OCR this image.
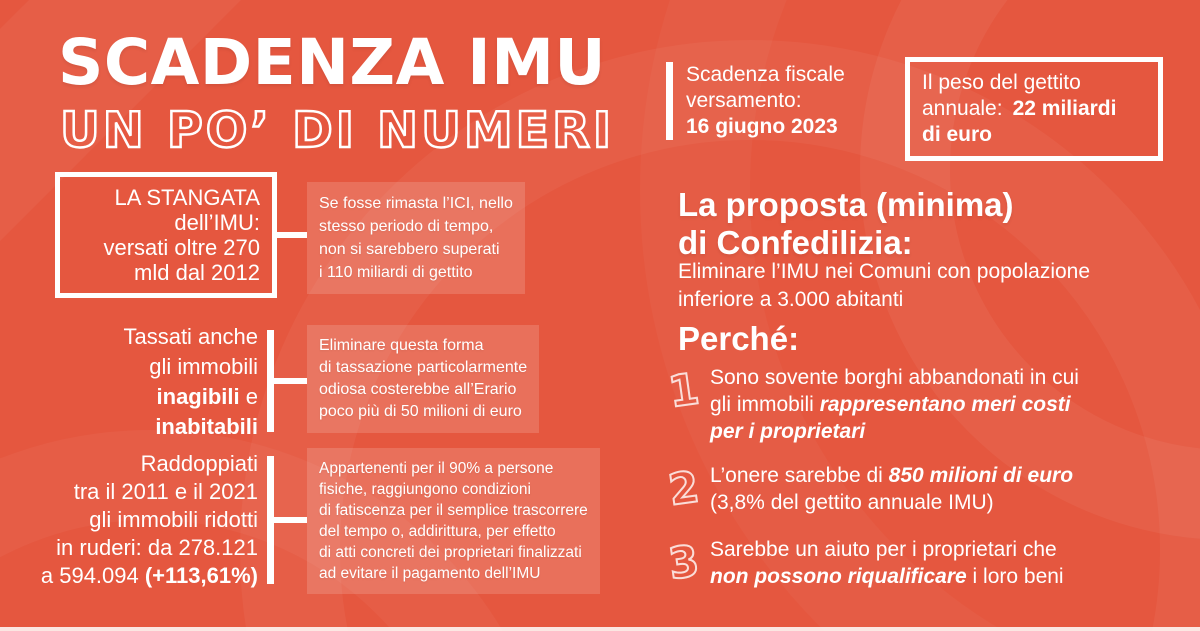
SCADENZA IMU
UN PO’ DI NUMERI
Scadenza fiscale
versamento:
16 giugno 2023
Il peso del gettito
annuale: 22 miliardi
di euro
LA STANGATA
dell’IMU:
versati oltre 270
mld dal 2012
Se fosse rimasta l’ICI, nello
stesso periodo di tempo,
non si sarebbero superati
i 110 miliardi di gettito
Tassati anche
gli immobili
inagibili e
inabitabili
Eliminare questa forma
di tassazione particolarmente
odiosa costerebbe all’Erario
poco più di 50 milioni di euro
Raddoppiati
tra il 2011 e il 2021
gli immobili ridotti
in ruderi: da 278.121
a 594.094 (+113,61%)
Appartenenti per il 90% a persone
fisiche, raggiungono condizioni
di fatiscenza per il semplice trascorrere
del tempo o, addirittura, per effetto
di atti concreti dei proprietari finalizzati
ad evitare il pagamento dell’IMU
La proposta (minima)
di Confedilizia:
Eliminare l’IMU nei Comuni con popolazione
inferiore a 3.000 abitanti
Perché:
1 Sono sovente borghi abbandonati in cui
gli immobili rappresentano meri costi
per i proprietari
2 L’onere sarebbe di 850 milioni di euro
(3,8% del gettito annuale IMU)
3 Sarebbe un aiuto per i proprietari che
non possono riqualificare i loro beni
